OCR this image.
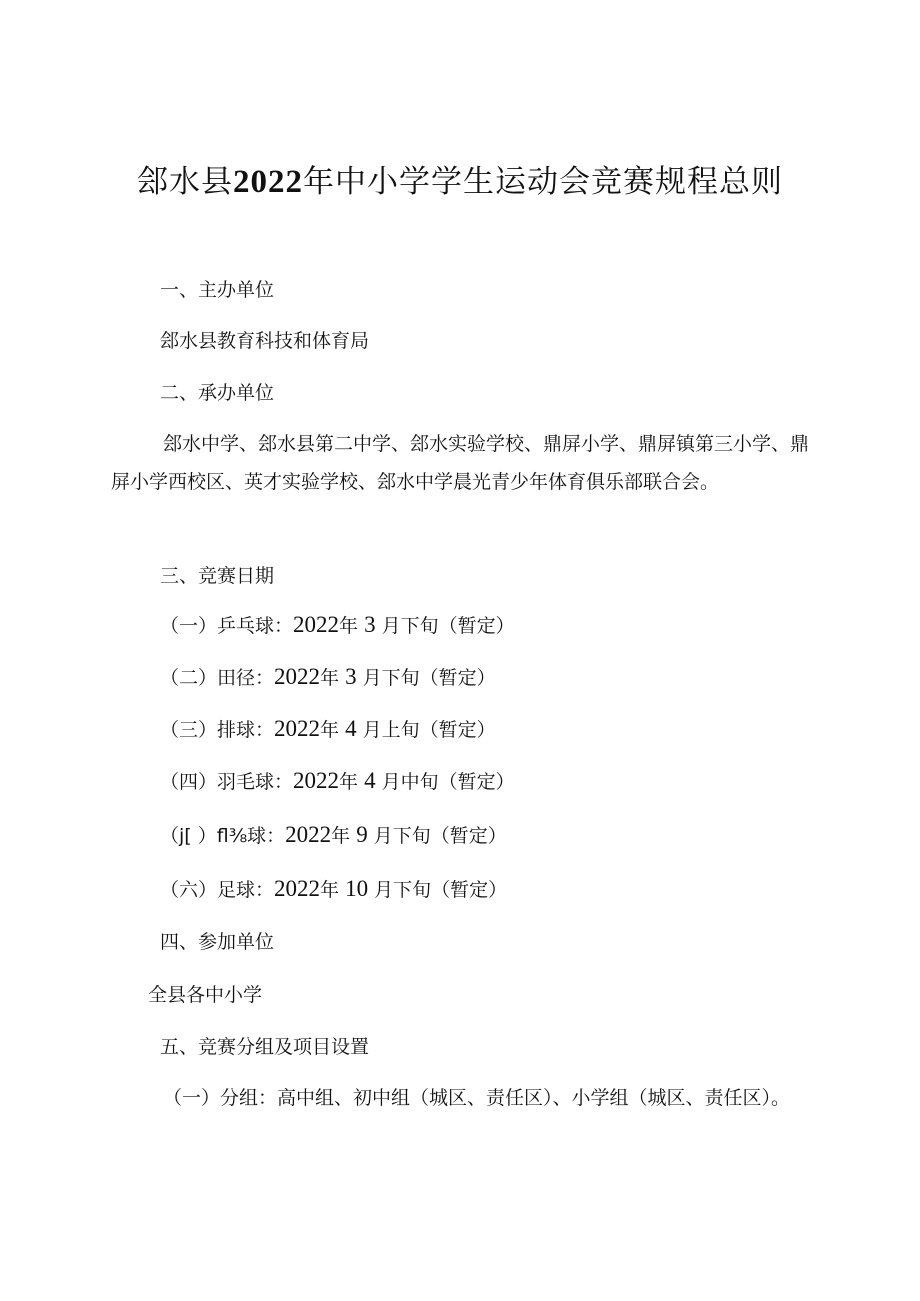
郐水县2022年中小学学生运动会竞赛规程总则
一、主办单位
郐水县教育科技和体育局
二、承办单位
郐水中学、郐水县第二中学、郐水实验学校、鼎屏小学、鼎屏镇第三小学、鼎屏小学西校区、英才实验学校、郐水中学晨光青少年体育俱乐部联合会。
三、竞赛日期
（一）乒乓球：2022年 3 月下旬（暂定）
（二）田径：2022年 3 月下旬（暂定）
（三）排球：2022年 4 月上旬（暂定）
（四）羽毛球：2022年 4 月中旬（暂定）
（j[ ）fl⅜球：2022年 9 月下旬（暂定）
（六）足球：2022年 10 月下旬（暂定）
四、参加单位
全县各中小学
五、竞赛分组及项目设置
（一）分组：高中组、初中组（城区、责任区）、小学组（城区、责任区）。
